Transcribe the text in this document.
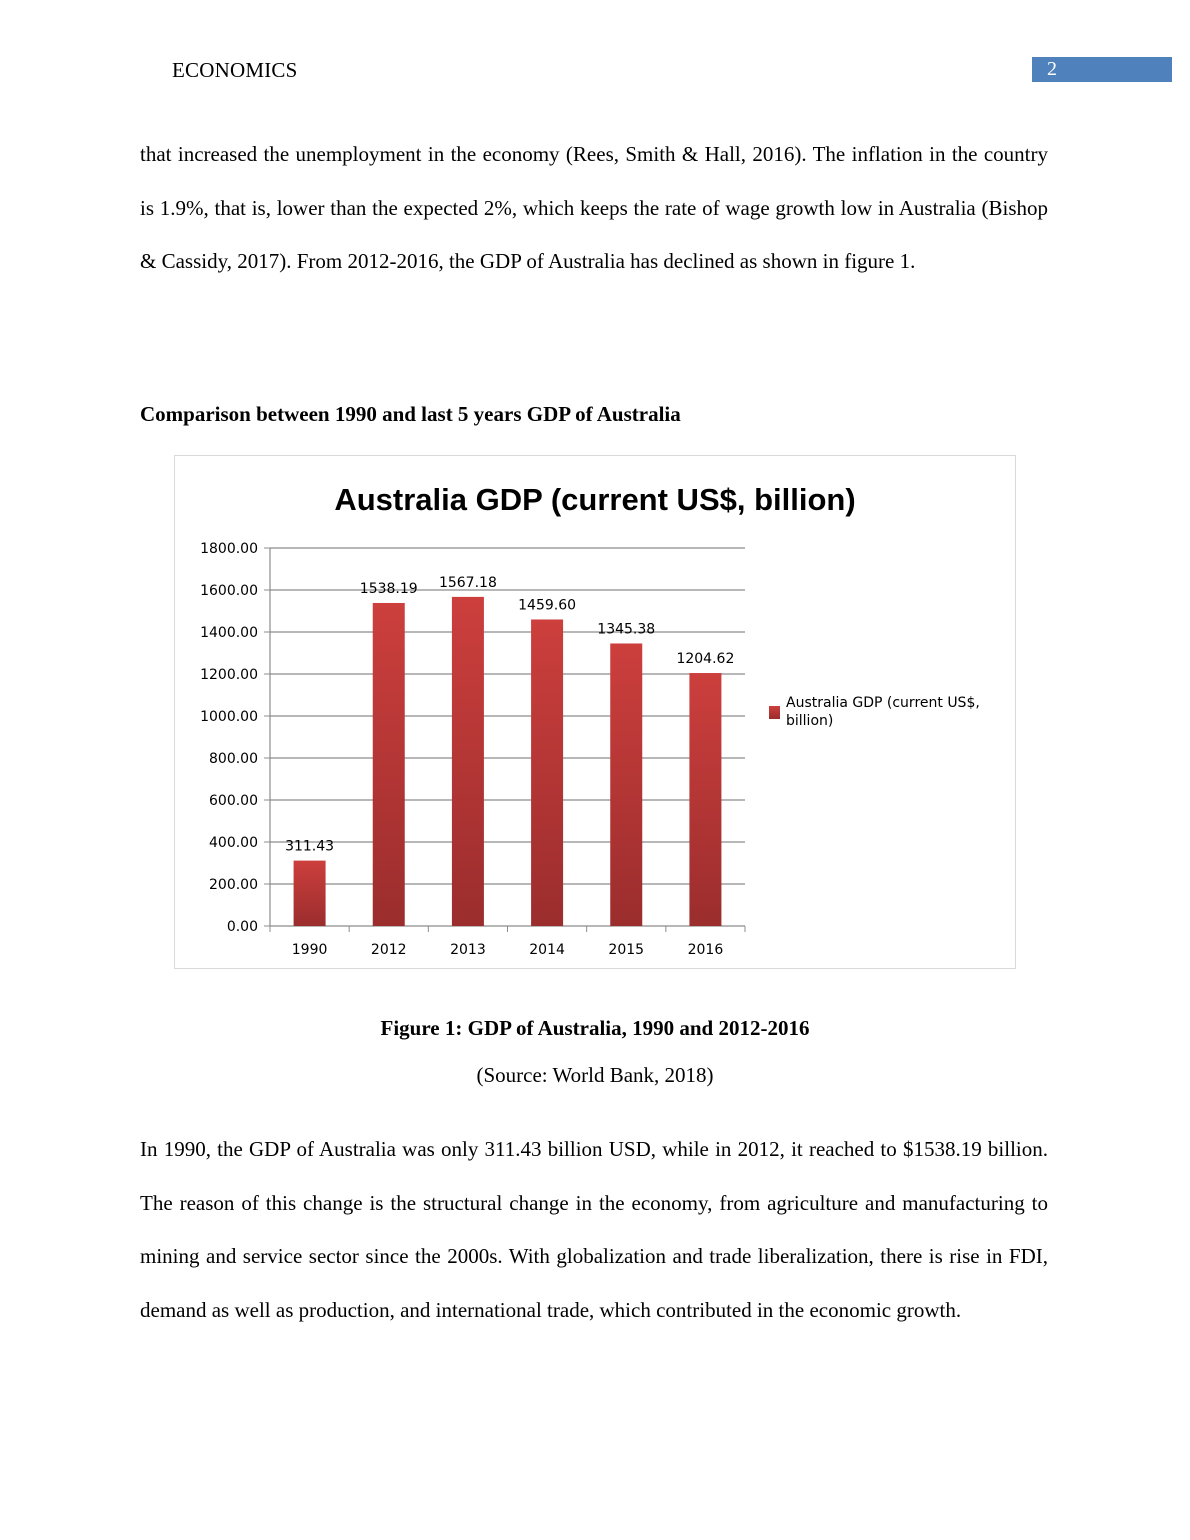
ECONOMICS	2

that increased the unemployment in the economy (Rees, Smith & Hall, 2016). The inflation in the country is 1.9%, that is, lower than the expected 2%, which keeps the rate of wage growth low in Australia (Bishop & Cassidy, 2017). From 2012-2016, the GDP of Australia has declined as shown in figure 1.

Comparison between 1990 and last 5 years GDP of Australia

Australia GDP (current US$, billion)
0.00
200.00
400.00
600.00
800.00
1000.00
1200.00
1400.00
1600.00
1800.00
1990	2012	2013	2014	2015	2016
311.43
1538.19 1567.18
1459.60
1345.38
1204.62
Australia GDP (current US$, billion)

Figure 1: GDP of Australia, 1990 and 2012-2016

(Source: World Bank, 2018)

In 1990, the GDP of Australia was only 311.43 billion USD, while in 2012, it reached to $1538.19 billion. The reason of this change is the structural change in the economy, from agriculture and manufacturing to mining and service sector since the 2000s. With globalization and trade liberalization, there is rise in FDI, demand as well as production, and international trade, which contributed in the economic growth.
